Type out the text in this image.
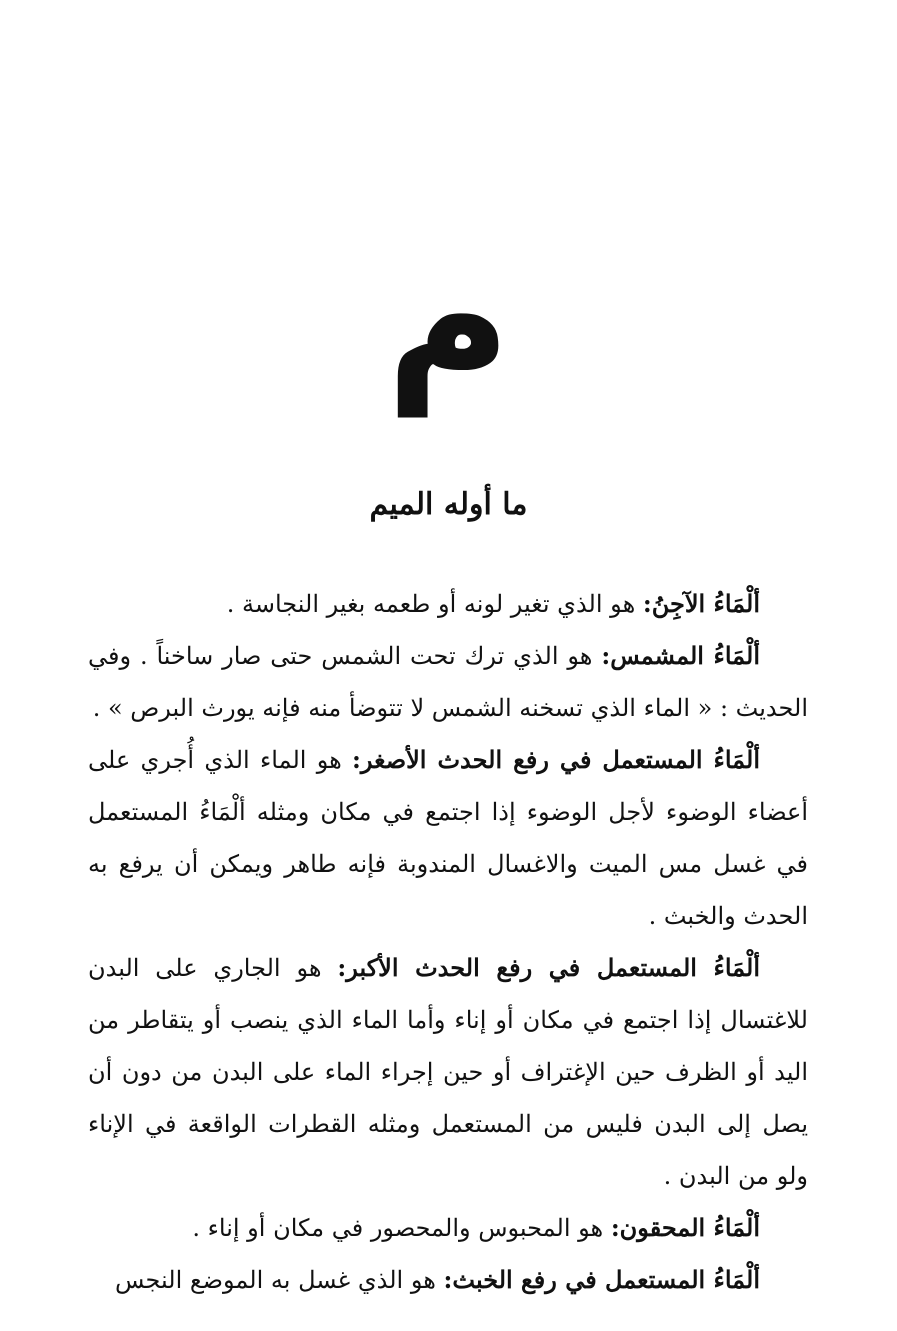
م
ما أوله الميم

ألْمَاءُ الآجِنُ: هو الذي تغير لونه أو طعمه بغير النجاسة .

ألْمَاءُ المشمس: هو الذي ترك تحت الشمس حتى صار ساخناً . وفي الحديث : « الماء الذي تسخنه الشمس لا تتوضأ منه فإنه يورث البرص » .

ألْمَاءُ المستعمل في رفع الحدث الأصغر: هو الماء الذي أُجري على أعضاء الوضوء لأجل الوضوء إذا اجتمع في مكان ومثله ألْمَاءُ المستعمل في غسل مس الميت والاغسال المندوبة فإنه طاهر ويمكن أن يرفع به الحدث والخبث .

ألْمَاءُ المستعمل في رفع الحدث الأكبر: هو الجاري على البدن للاغتسال إذا اجتمع في مكان أو إناء وأما الماء الذي ينصب أو يتقاطر من اليد أو الظرف حين الإغتراف أو حين إجراء الماء على البدن من دون أن يصل إلى البدن فليس من المستعمل ومثله القطرات الواقعة في الإناء ولو من البدن .

ألْمَاءُ المحقون: هو المحبوس والمحصور في مكان أو إناء .

ألْمَاءُ المستعمل في رفع الخبث: هو الذي غسل به الموضع النجس
